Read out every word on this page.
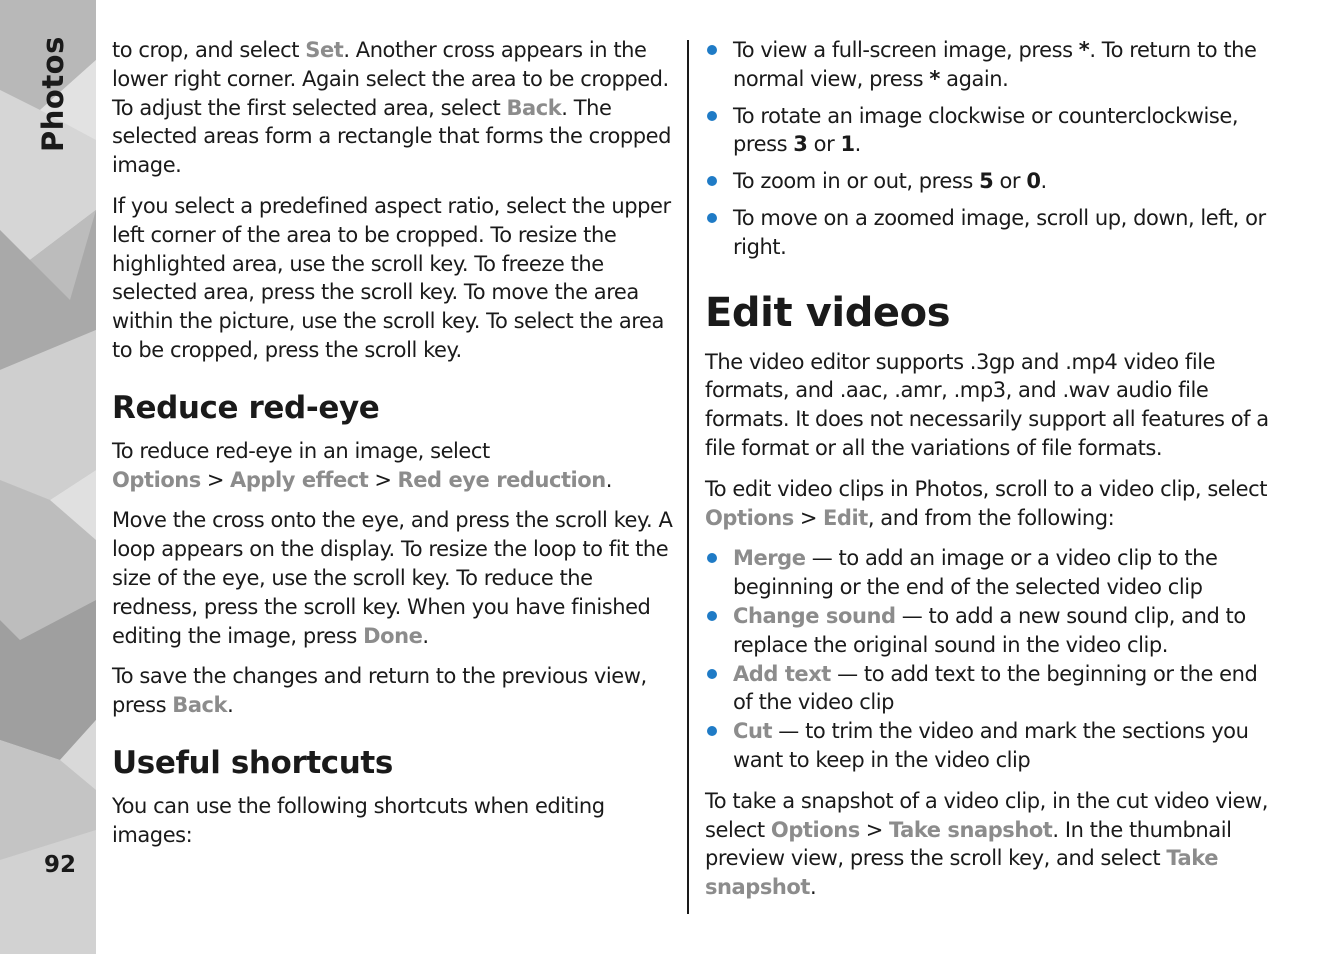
Photos
92

to crop, and select Set. Another cross appears in the lower right corner. Again select the area to be cropped. To adjust the first selected area, select Back. The selected areas form a rectangle that forms the cropped image.

If you select a predefined aspect ratio, select the upper left corner of the area to be cropped. To resize the highlighted area, use the scroll key. To freeze the selected area, press the scroll key. To move the area within the picture, use the scroll key. To select the area to be cropped, press the scroll key.

Reduce red-eye

To reduce red-eye in an image, select Options > Apply effect > Red eye reduction.

Move the cross onto the eye, and press the scroll key. A loop appears on the display. To resize the loop to fit the size of the eye, use the scroll key. To reduce the redness, press the scroll key. When you have finished editing the image, press Done.

To save the changes and return to the previous view, press Back.

Useful shortcuts

You can use the following shortcuts when editing images:

To view a full-screen image, press *. To return to the normal view, press * again.
To rotate an image clockwise or counterclockwise, press 3 or 1.
To zoom in or out, press 5 or 0.
To move on a zoomed image, scroll up, down, left, or right.
Edit videos

The video editor supports .3gp and .mp4 video file formats, and .aac, .amr, .mp3, and .wav audio file formats. It does not necessarily support all features of a file format or all the variations of file formats.

To edit video clips in Photos, scroll to a video clip, select Options > Edit, and from the following:

Merge — to add an image or a video clip to the beginning or the end of the selected video clip
Change sound — to add a new sound clip, and to replace the original sound in the video clip.
Add text — to add text to the beginning or the end of the video clip
Cut — to trim the video and mark the sections you want to keep in the video clip

To take a snapshot of a video clip, in the cut video view, select Options > Take snapshot. In the thumbnail preview view, press the scroll key, and select Take snapshot.
